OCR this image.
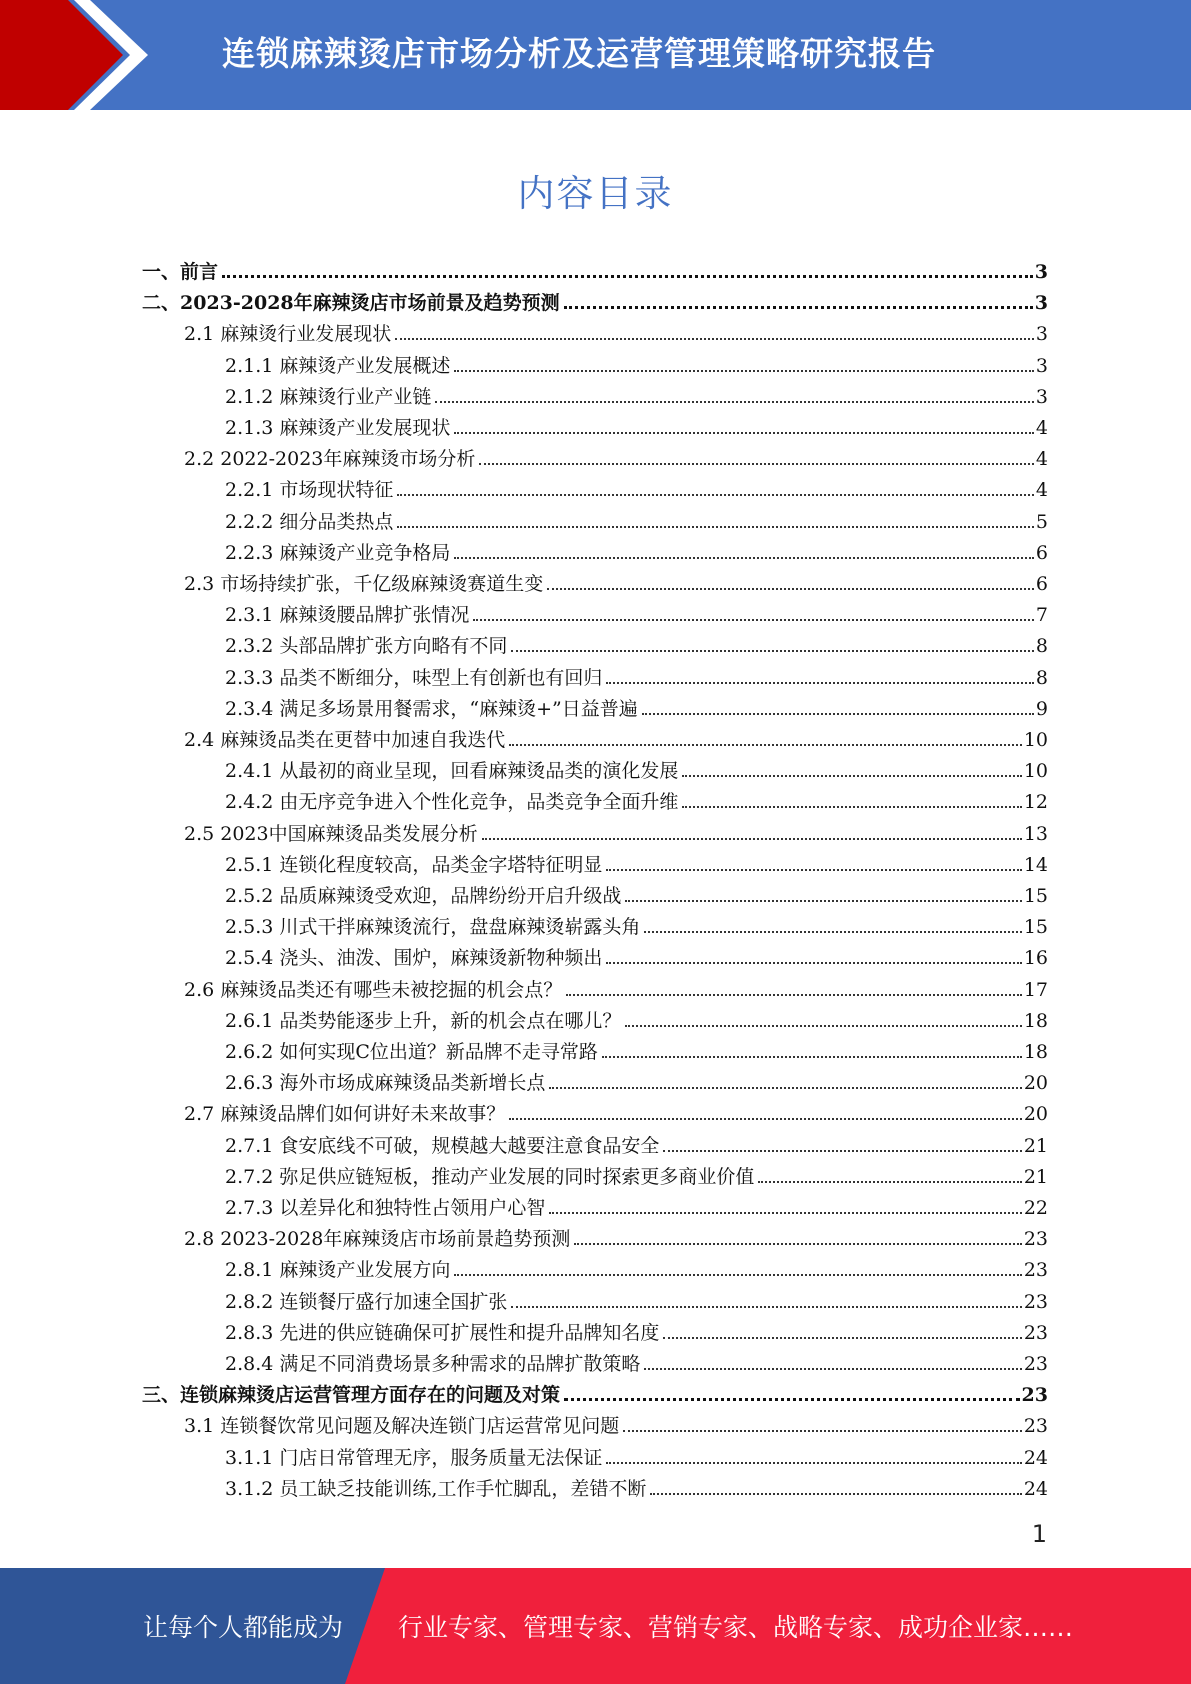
连锁麻辣烫店市场分析及运营管理策略研究报告
内容目录
一、前言	3
二、2023-2028年麻辣烫店市场前景及趋势预测	3
2.1 麻辣烫行业发展现状	3
2.1.1 麻辣烫产业发展概述	3
2.1.2 麻辣烫行业产业链	3
2.1.3 麻辣烫产业发展现状	4
2.2 2022-2023年麻辣烫市场分析	4
2.2.1 市场现状特征	4
2.2.2 细分品类热点	5
2.2.3 麻辣烫产业竞争格局	6
2.3 市场持续扩张，千亿级麻辣烫赛道生变	6
2.3.1 麻辣烫腰品牌扩张情况	7
2.3.2 头部品牌扩张方向略有不同	8
2.3.3 品类不断细分，味型上有创新也有回归	8
2.3.4 满足多场景用餐需求，“麻辣烫+”日益普遍	9
2.4 麻辣烫品类在更替中加速自我迭代	10
2.4.1 从最初的商业呈现，回看麻辣烫品类的演化发展	10
2.4.2 由无序竞争进入个性化竞争，品类竞争全面升维	12
2.5 2023中国麻辣烫品类发展分析	13
2.5.1 连锁化程度较高，品类金字塔特征明显	14
2.5.2 品质麻辣烫受欢迎，品牌纷纷开启升级战	15
2.5.3 川式干拌麻辣烫流行，盘盘麻辣烫崭露头角	15
2.5.4 浇头、油泼、围炉，麻辣烫新物种频出	16
2.6 麻辣烫品类还有哪些未被挖掘的机会点？	17
2.6.1 品类势能逐步上升，新的机会点在哪儿？	18
2.6.2 如何实现C位出道？新品牌不走寻常路	18
2.6.3 海外市场成麻辣烫品类新增长点	20
2.7 麻辣烫品牌们如何讲好未来故事？	20
2.7.1 食安底线不可破，规模越大越要注意食品安全	21
2.7.2 弥足供应链短板，推动产业发展的同时探索更多商业价值	21
2.7.3 以差异化和独特性占领用户心智	22
2.8 2023-2028年麻辣烫店市场前景趋势预测	23
2.8.1 麻辣烫产业发展方向	23
2.8.2 连锁餐厅盛行加速全国扩张	23
2.8.3 先进的供应链确保可扩展性和提升品牌知名度	23
2.8.4 满足不同消费场景多种需求的品牌扩散策略	23
三、连锁麻辣烫店运营管理方面存在的问题及对策	23
3.1 连锁餐饮常见问题及解决连锁门店运营常见问题	23
3.1.1 门店日常管理无序，服务质量无法保证	24
3.1.2 员工缺乏技能训练,工作手忙脚乱，差错不断	24
1
让每个人都能成为 行业专家、管理专家、营销专家、战略专家、成功企业家……
